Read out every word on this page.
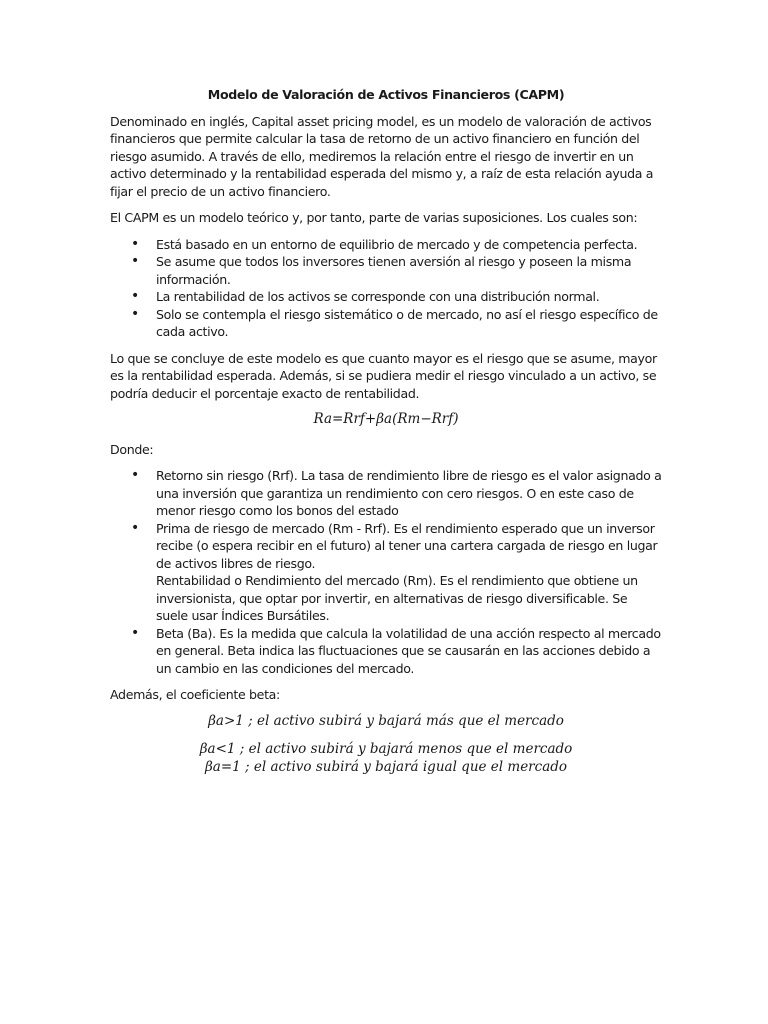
Modelo de Valoración de Activos Financieros (CAPM)

Denominado en inglés, Capital asset pricing model, es un modelo de valoración de activos financieros que permite calcular la tasa de retorno de un activo financiero en función del riesgo asumido. A través de ello, mediremos la relación entre el riesgo de invertir en un activo determinado y la rentabilidad esperada del mismo y, a raíz de esta relación ayuda a fijar el precio de un activo financiero.

El CAPM es un modelo teórico y, por tanto, parte de varias suposiciones. Los cuales son:

• Está basado en un entorno de equilibrio de mercado y de competencia perfecta.
• Se asume que todos los inversores tienen aversión al riesgo y poseen la misma información.
• La rentabilidad de los activos se corresponde con una distribución normal.
• Solo se contempla el riesgo sistemático o de mercado, no así el riesgo específico de cada activo.

Lo que se concluye de este modelo es que cuanto mayor es el riesgo que se asume, mayor es la rentabilidad esperada. Además, si se pudiera medir el riesgo vinculado a un activo, se podría deducir el porcentaje exacto de rentabilidad.

Ra=Rrf+βa(Rm−Rrf)

Donde:

• Retorno sin riesgo (Rrf). La tasa de rendimiento libre de riesgo es el valor asignado a una inversión que garantiza un rendimiento con cero riesgos. O en este caso de menor riesgo como los bonos del estado
• Prima de riesgo de mercado (Rm - Rrf). Es el rendimiento esperado que un inversor recibe (o espera recibir en el futuro) al tener una cartera cargada de riesgo en lugar de activos libres de riesgo.
Rentabilidad o Rendimiento del mercado (Rm). Es el rendimiento que obtiene un inversionista, que optar por invertir, en alternativas de riesgo diversificable. Se suele usar Índices Bursátiles.
• Beta (Ba). Es la medida que calcula la volatilidad de una acción respecto al mercado en general. Beta indica las fluctuaciones que se causarán en las acciones debido a un cambio en las condiciones del mercado.

Además, el coeficiente beta:

βa>1 ; el activo subirá y bajará más que el mercado
βa<1 ; el activo subirá y bajará menos que el mercado
βa=1 ; el activo subirá y bajará igual que el mercado
